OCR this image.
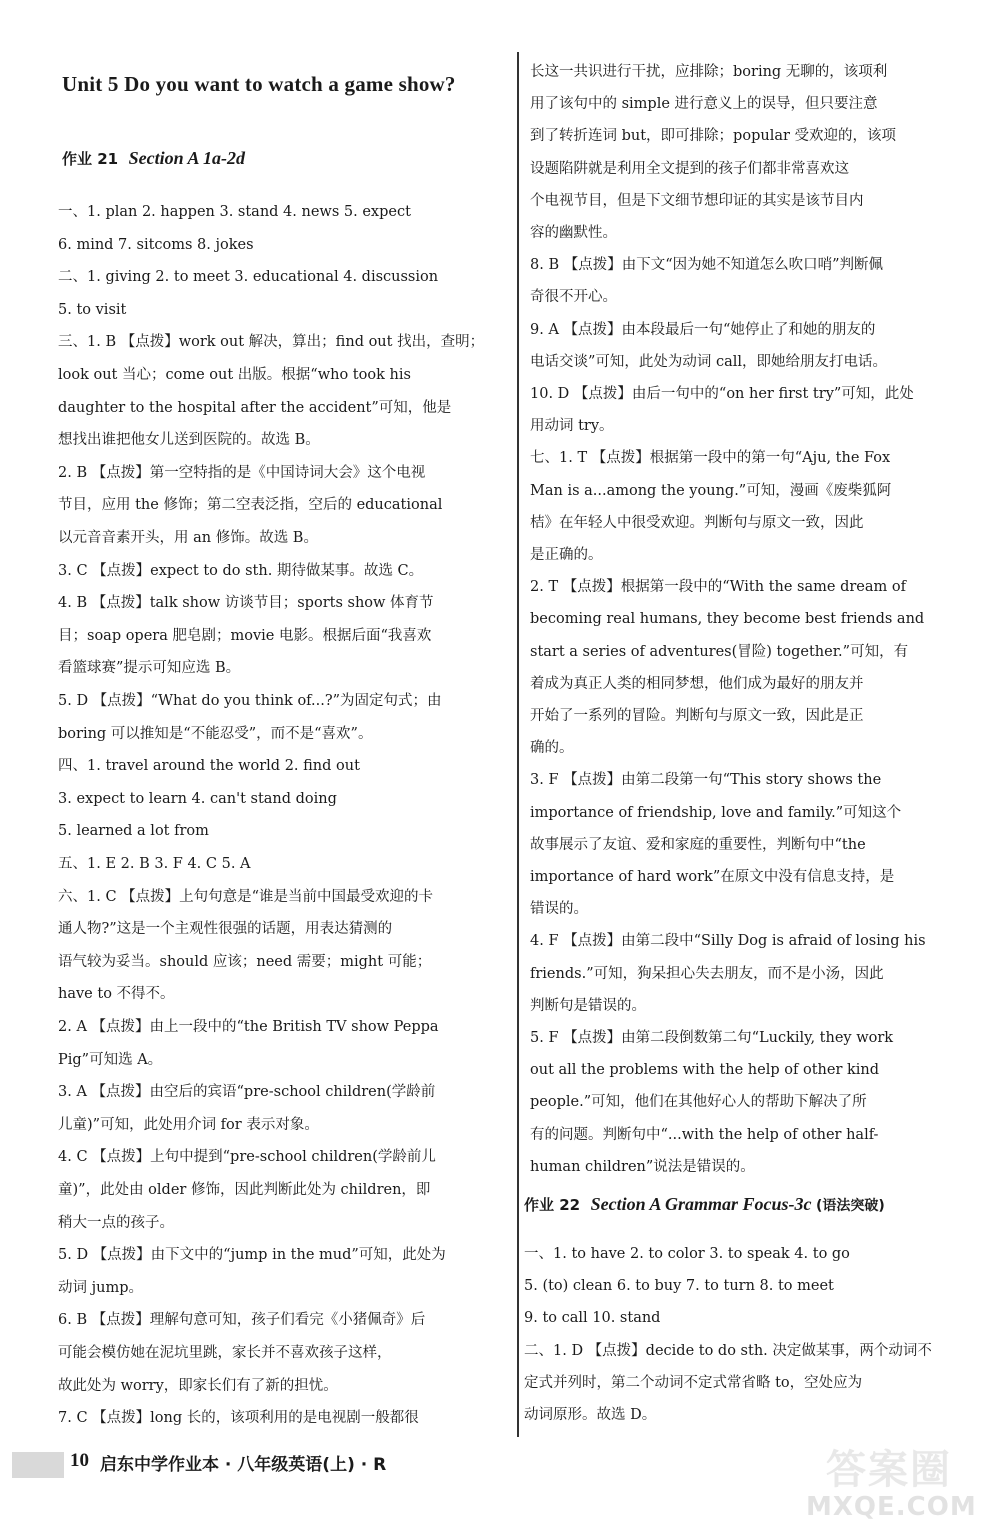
Unit 5 Do you want to watch a game show?
作业 21 Section A 1a-2d
一、1. plan 2. happen 3. stand 4. news 5. expect
6. mind 7. sitcoms 8. jokes
二、1. giving 2. to meet 3. educational 4. discussion
5. to visit
三、1. B 【点拨】work out 解决，算出；find out 找出，查明；
look out 当心；come out 出版。根据“who took his
daughter to the hospital after the accident”可知，他是
想找出谁把他女儿送到医院的。故选 B。
2. B 【点拨】第一空特指的是《中国诗词大会》这个电视
节目，应用 the 修饰；第二空表泛指，空后的 educational
以元音音素开头，用 an 修饰。故选 B。
3. C 【点拨】expect to do sth. 期待做某事。故选 C。
4. B 【点拨】talk show 访谈节目；sports show 体育节
目；soap opera 肥皂剧；movie 电影。根据后面“我喜欢
看篮球赛”提示可知应选 B。
5. D 【点拨】“What do you think of...?”为固定句式；由
boring 可以推知是“不能忍受”，而不是“喜欢”。
四、1. travel around the world 2. find out
3. expect to learn 4. can't stand doing
5. learned a lot from
五、1. E 2. B 3. F 4. C 5. A
六、1. C 【点拨】上句句意是“谁是当前中国最受欢迎的卡
通人物?”这是一个主观性很强的话题，用表达猜测的
语气较为妥当。should 应该；need 需要；might 可能；
have to 不得不。
2. A 【点拨】由上一段中的“the British TV show Peppa
Pig”可知选 A。
3. A 【点拨】由空后的宾语“pre-school children(学龄前
儿童)”可知，此处用介词 for 表示对象。
4. C 【点拨】上句中提到“pre-school children(学龄前儿
童)”，此处由 older 修饰，因此判断此处为 children，即
稍大一点的孩子。
5. D 【点拨】由下文中的“jump in the mud”可知，此处为
动词 jump。
6. B 【点拨】理解句意可知，孩子们看完《小猪佩奇》后
可能会模仿她在泥坑里跳，家长并不喜欢孩子这样，
故此处为 worry，即家长们有了新的担忧。
7. C 【点拨】long 长的，该项利用的是电视剧一般都很
长这一共识进行干扰，应排除；boring 无聊的，该项利
用了该句中的 simple 进行意义上的误导，但只要注意
到了转折连词 but，即可排除；popular 受欢迎的，该项
设题陷阱就是利用全文提到的孩子们都非常喜欢这
个电视节目，但是下文细节想印证的其实是该节目内
容的幽默性。
8. B 【点拨】由下文“因为她不知道怎么吹口哨”判断佩
奇很不开心。
9. A 【点拨】由本段最后一句“她停止了和她的朋友的
电话交谈”可知，此处为动词 call，即她给朋友打电话。
10. D 【点拨】由后一句中的“on her first try”可知，此处
用动词 try。
七、1. T 【点拨】根据第一段中的第一句“Aju, the Fox
Man is a...among the young.”可知，漫画《废柴狐阿
桔》在年轻人中很受欢迎。判断句与原文一致，因此
是正确的。
2. T 【点拨】根据第一段中的“With the same dream of
becoming real humans, they become best friends and
start a series of adventures(冒险) together.”可知，有
着成为真正人类的相同梦想，他们成为最好的朋友并
开始了一系列的冒险。判断句与原文一致，因此是正
确的。
3. F 【点拨】由第二段第一句“This story shows the
importance of friendship, love and family.”可知这个
故事展示了友谊、爱和家庭的重要性，判断句中“the
importance of hard work”在原文中没有信息支持，是
错误的。
4. F 【点拨】由第二段中“Silly Dog is afraid of losing his
friends.”可知，狗呆担心失去朋友，而不是小汤，因此
判断句是错误的。
5. F 【点拨】由第二段倒数第二句“Luckily, they work
out all the problems with the help of other kind
people.”可知，他们在其他好心人的帮助下解决了所
有的问题。判断句中“...with the help of other half-
human children”说法是错误的。
一、1. to have 2. to color 3. to speak 4. to go
5. (to) clean 6. to buy 7. to turn 8. to meet
9. to call 10. stand
二、1. D 【点拨】decide to do sth. 决定做某事，两个动词不
定式并列时，第二个动词不定式常省略 to，空处应为
动词原形。故选 D。
作业 22 Section A Grammar Focus-3c (语法突破)
10 启东中学作业本 · 八年级英语(上) · R	答案圈
MXQE.COM
